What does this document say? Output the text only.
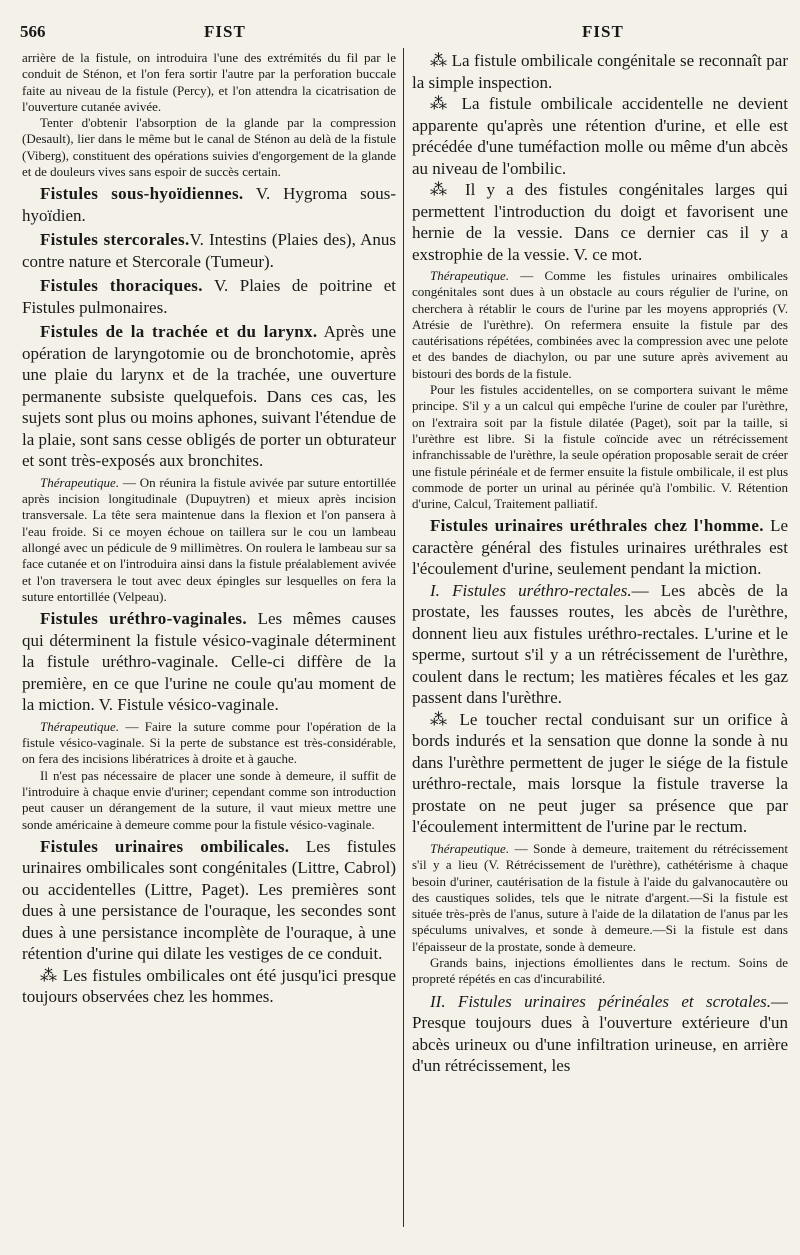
566	FIST	FIST

arrière de la fistule, on introduira l'une des extrémités du fil par le conduit de Sténon, et l'on fera sortir l'autre par la perforation buccale faite au niveau de la fistule (Percy), et l'on attendra la cicatrisation de l'ouverture cutanée avivée.

Tenter d'obtenir l'absorption de la glande par la compression (Desault), lier dans le même but le canal de Sténon au delà de la fistule (Viberg), constituent des opérations suivies d'engorgement de la glande et de douleurs vives sans espoir de succès certain.

Fistules sous-hyoïdiennes. V. Hygroma sous-hyoïdien.

Fistules stercorales.V. Intestins (Plaies des), Anus contre nature et Stercorale (Tumeur).

Fistules thoraciques. V. Plaies de poitrine et Fistules pulmonaires.

Fistules de la trachée et du larynx. Après une opération de laryngotomie ou de bronchotomie, après une plaie du larynx et de la trachée, une ouverture permanente subsiste quelquefois. Dans ces cas, les sujets sont plus ou moins aphones, suivant l'étendue de la plaie, sont sans cesse obligés de porter un obturateur et sont très-exposés aux bronchites.

Thérapeutique. — On réunira la fistule avivée par suture entortillée après incision longitudinale (Dupuytren) et mieux après incision transversale. La tête sera maintenue dans la flexion et l'on pansera à l'eau froide. Si ce moyen échoue on taillera sur le cou un lambeau allongé avec un pédicule de 9 millimètres. On roulera le lambeau sur sa face cutanée et on l'introduira ainsi dans la fistule préalablement avivée et l'on traversera le tout avec deux épingles sur lesquelles on fera la suture entortillée (Velpeau).

Fistules uréthro-vaginales. Les mêmes causes qui déterminent la fistule vésico-vaginale déterminent la fistule uréthro-vaginale. Celle-ci diffère de la première, en ce que l'urine ne coule qu'au moment de la miction. V. Fistule vésico-vaginale.

Thérapeutique. — Faire la suture comme pour l'opération de la fistule vésico-vaginale. Si la perte de substance est très-considérable, on fera des incisions libératrices à droite et à gauche.

Il n'est pas nécessaire de placer une sonde à demeure, il suffit de l'introduire à chaque envie d'uriner; cependant comme son introduction peut causer un dérangement de la suture, il vaut mieux mettre une sonde américaine à demeure comme pour la fistule vésico-vaginale.

Fistules urinaires ombilicales. Les fistules urinaires ombilicales sont congénitales (Littre, Cabrol) ou accidentelles (Littre, Paget). Les premières sont dues à une persistance de l'ouraque, les secondes sont dues à une persistance incomplète de l'ouraque, à une rétention d'urine qui dilate les vestiges de ce conduit.

⁂ Les fistules ombilicales ont été jusqu'ici presque toujours observées chez les hommes.

⁂ La fistule ombilicale congénitale se reconnaît par la simple inspection.

⁂ La fistule ombilicale accidentelle ne devient apparente qu'après une rétention d'urine, et elle est précédée d'une tuméfaction molle ou même d'un abcès au niveau de l'ombilic.

⁂ Il y a des fistules congénitales larges qui permettent l'introduction du doigt et favorisent une hernie de la vessie. Dans ce dernier cas il y a exstrophie de la vessie. V. ce mot.

Thérapeutique. — Comme les fistules urinaires ombilicales congénitales sont dues à un obstacle au cours régulier de l'urine, on cherchera à rétablir le cours de l'urine par les moyens appropriés (V. Atrésie de l'urèthre). On refermera ensuite la fistule par des cautérisations répétées, combinées avec la compression avec une pelote et des bandes de diachylon, ou par une suture après avivement au bistouri des bords de la fistule.

Pour les fistules accidentelles, on se comportera suivant le même principe. S'il y a un calcul qui empêche l'urine de couler par l'urèthre, on l'extraira soit par la fistule dilatée (Paget), soit par la taille, si l'urèthre est libre. Si la fistule coïncide avec un rétrécissement infranchissable de l'urèthre, la seule opération proposable serait de créer une fistule périnéale et de fermer ensuite la fistule ombilicale, il est plus commode de porter un urinal au périnée qu'à l'ombilic. V. Rétention d'urine, Calcul, Traitement palliatif.

Fistules urinaires uréthrales chez l'homme. Le caractère général des fistules urinaires uréthrales est l'écoulement d'urine, seulement pendant la miction.

I. Fistules uréthro-rectales.— Les abcès de la prostate, les fausses routes, les abcès de l'urèthre, donnent lieu aux fistules uréthro-rectales. L'urine et le sperme, surtout s'il y a un rétrécissement de l'urèthre, coulent dans le rectum; les matières fécales et les gaz passent dans l'urèthre.

⁂ Le toucher rectal conduisant sur un orifice à bords indurés et la sensation que donne la sonde à nu dans l'urèthre permettent de juger le siége de la fistule uréthro-rectale, mais lorsque la fistule traverse la prostate on ne peut juger sa présence que par l'écoulement intermittent de l'urine par le rectum.

Thérapeutique. — Sonde à demeure, traitement du rétrécissement s'il y a lieu (V. Rétrécissement de l'urèthre), cathétérisme à chaque besoin d'uriner, cautérisation de la fistule à l'aide du galvanocautère ou des caustiques solides, tels que le nitrate d'argent.—Si la fistule est située très-près de l'anus, suture à l'aide de la dilatation de l'anus par les spéculums univalves, et sonde à demeure.—Si la fistule est dans l'épaisseur de la prostate, sonde à demeure.

Grands bains, injections émollientes dans le rectum. Soins de propreté répétés en cas d'incurabilité.

II. Fistules urinaires périnéales et scrotales.— Presque toujours dues à l'ouverture extérieure d'un abcès urineux ou d'une infiltration urineuse, en arrière d'un rétrécissement, les
